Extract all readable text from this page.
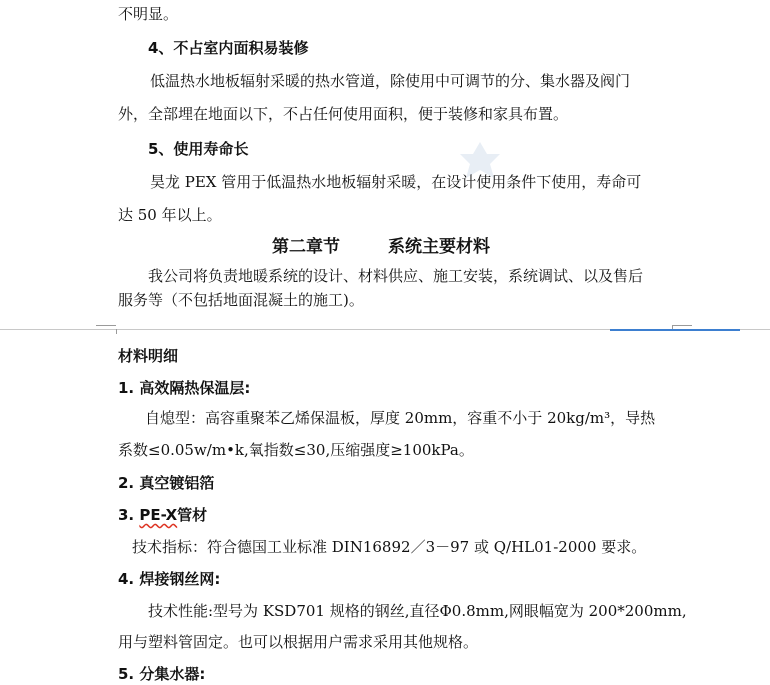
不明显。
4、不占室内面积易装修
低温热水地板辐射采暖的热水管道，除使用中可调节的分、集水器及阀门
外，全部埋在地面以下，不占任何使用面积，便于装修和家具布置。
5、使用寿命长
昊龙 PEX 管用于低温热水地板辐射采暖，在设计使用条件下使用，寿命可
达 50 年以上。
第二章节	系统主要材料
我公司将负责地暖系统的设计、材料供应、施工安装，系统调试、以及售后
服务等（不包括地面混凝土的施工)。
材料明细
1. 高效隔热保温层:
自熄型：高容重聚苯乙烯保温板，厚度 20mm，容重不小于 20kg/m³，导热
系数≤0.05w/m•k,氧指数≤30,压缩强度≥100kPa。
2. 真空镀铝箔
3. PE-X管材
技术指标：符合德国工业标准 DIN16892／3－97 或 Q/HL01-2000 要求。
4. 焊接钢丝网:
技术性能:型号为 KSD701 规格的钢丝,直径Φ0.8mm,网眼幅宽为 200*200mm,
用与塑料管固定。也可以根据用户需求采用其他规格。
5. 分集水器:
